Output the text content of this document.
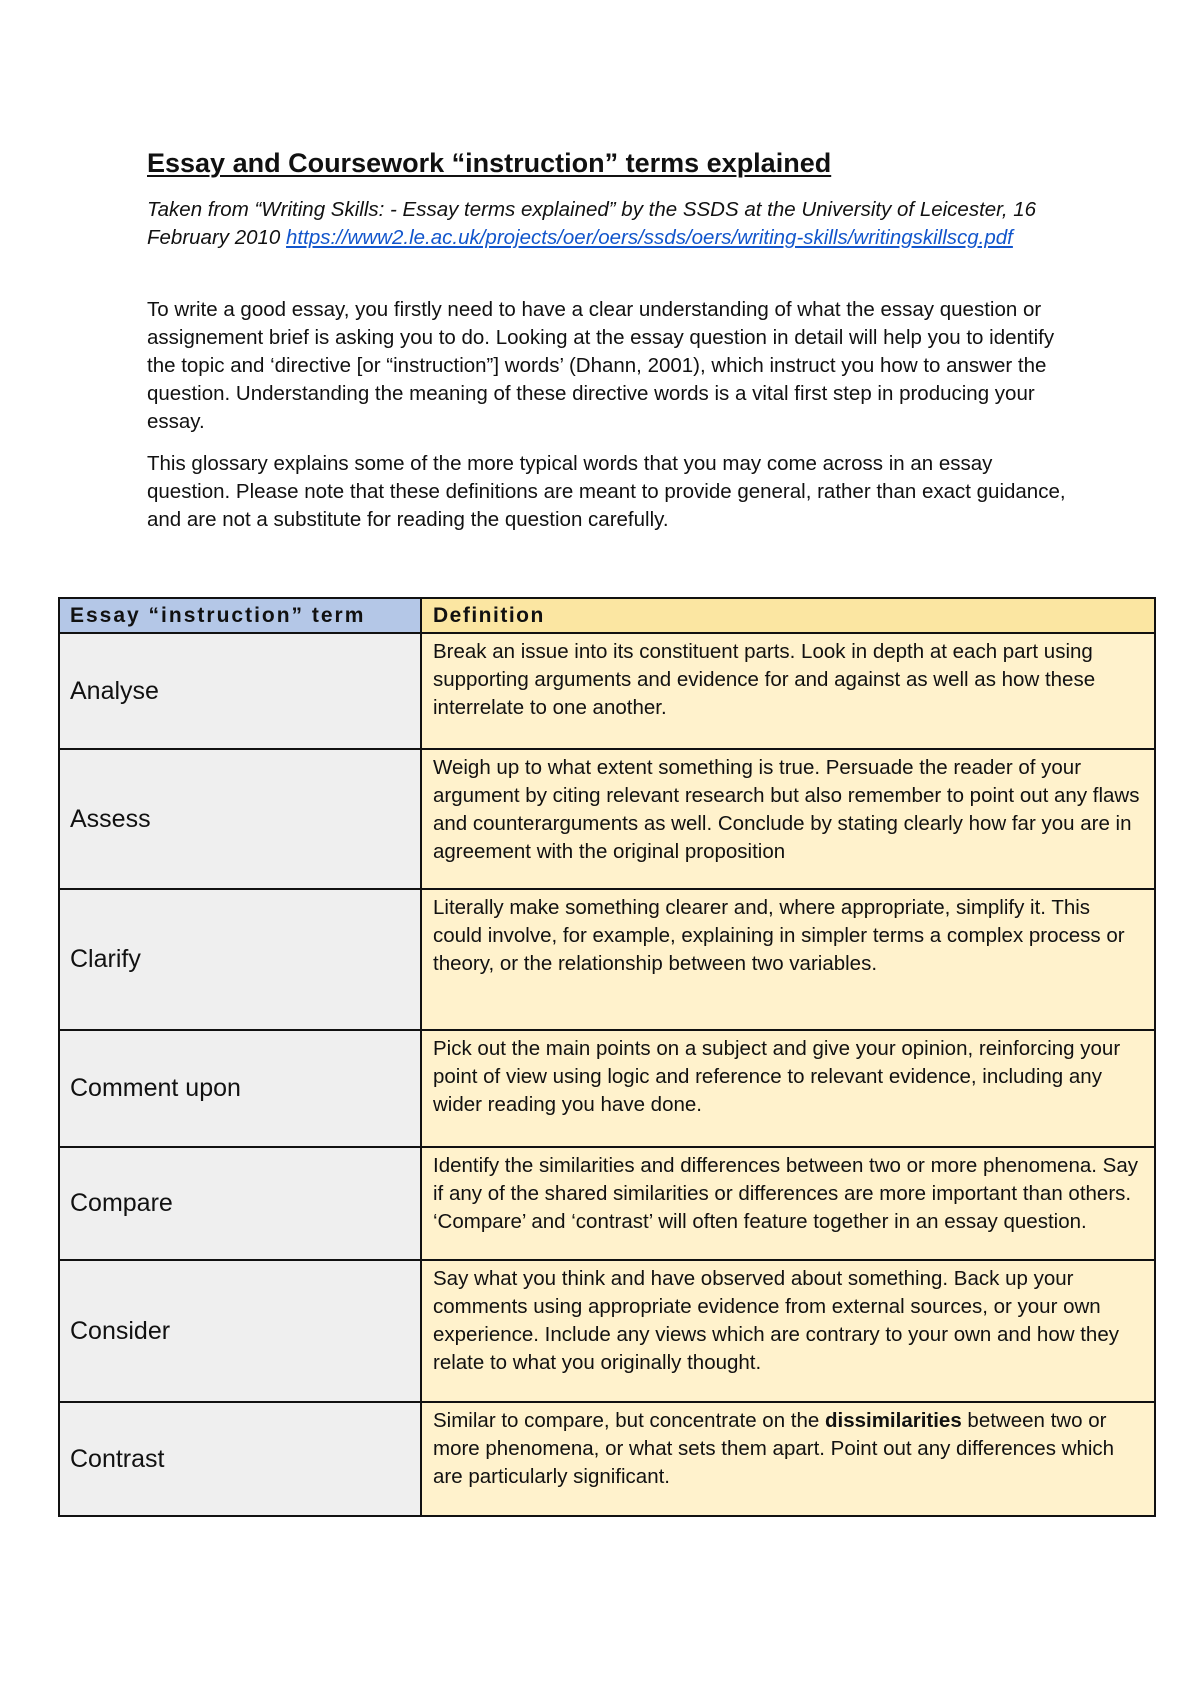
Essay and Coursework “instruction” terms explained

Taken from “Writing Skills: - Essay terms explained” by the SSDS at the University of Leicester, 16 February 2010 https://www2.le.ac.uk/projects/oer/oers/ssds/oers/writing-skills/writingskillscg.pdf

To write a good essay, you firstly need to have a clear understanding of what the essay question or assignement brief is asking you to do. Looking at the essay question in detail will help you to identify the topic and ‘directive [or “instruction”] words’ (Dhann, 2001), which instruct you how to answer the question. Understanding the meaning of these directive words is a vital first step in producing your essay.

This glossary explains some of the more typical words that you may come across in an essay question. Please note that these definitions are meant to provide general, rather than exact guidance, and are not a substitute for reading the question carefully.

Essay “instruction” term	Definition
Analyse	Break an issue into its constituent parts. Look in depth at each part using supporting arguments and evidence for and against as well as how these interrelate to one another.
Assess	Weigh up to what extent something is true. Persuade the reader of your argument by citing relevant research but also remember to point out any flaws and counterarguments as well. Conclude by stating clearly how far you are in agreement with the original proposition
Clarify	Literally make something clearer and, where appropriate, simplify it. This could involve, for example, explaining in simpler terms a complex process or theory, or the relationship between two variables.
Comment upon	Pick out the main points on a subject and give your opinion, reinforcing your point of view using logic and reference to relevant evidence, including any wider reading you have done.
Compare	Identify the similarities and differences between two or more phenomena. Say if any of the shared similarities or differences are more important than others. ‘Compare’ and ‘contrast’ will often feature together in an essay question.
Consider	Say what you think and have observed about something. Back up your comments using appropriate evidence from external sources, or your own experience. Include any views which are contrary to your own and how they relate to what you originally thought.
Contrast	Similar to compare, but concentrate on the dissimilarities between two or more phenomena, or what sets them apart. Point out any differences which are particularly significant.
